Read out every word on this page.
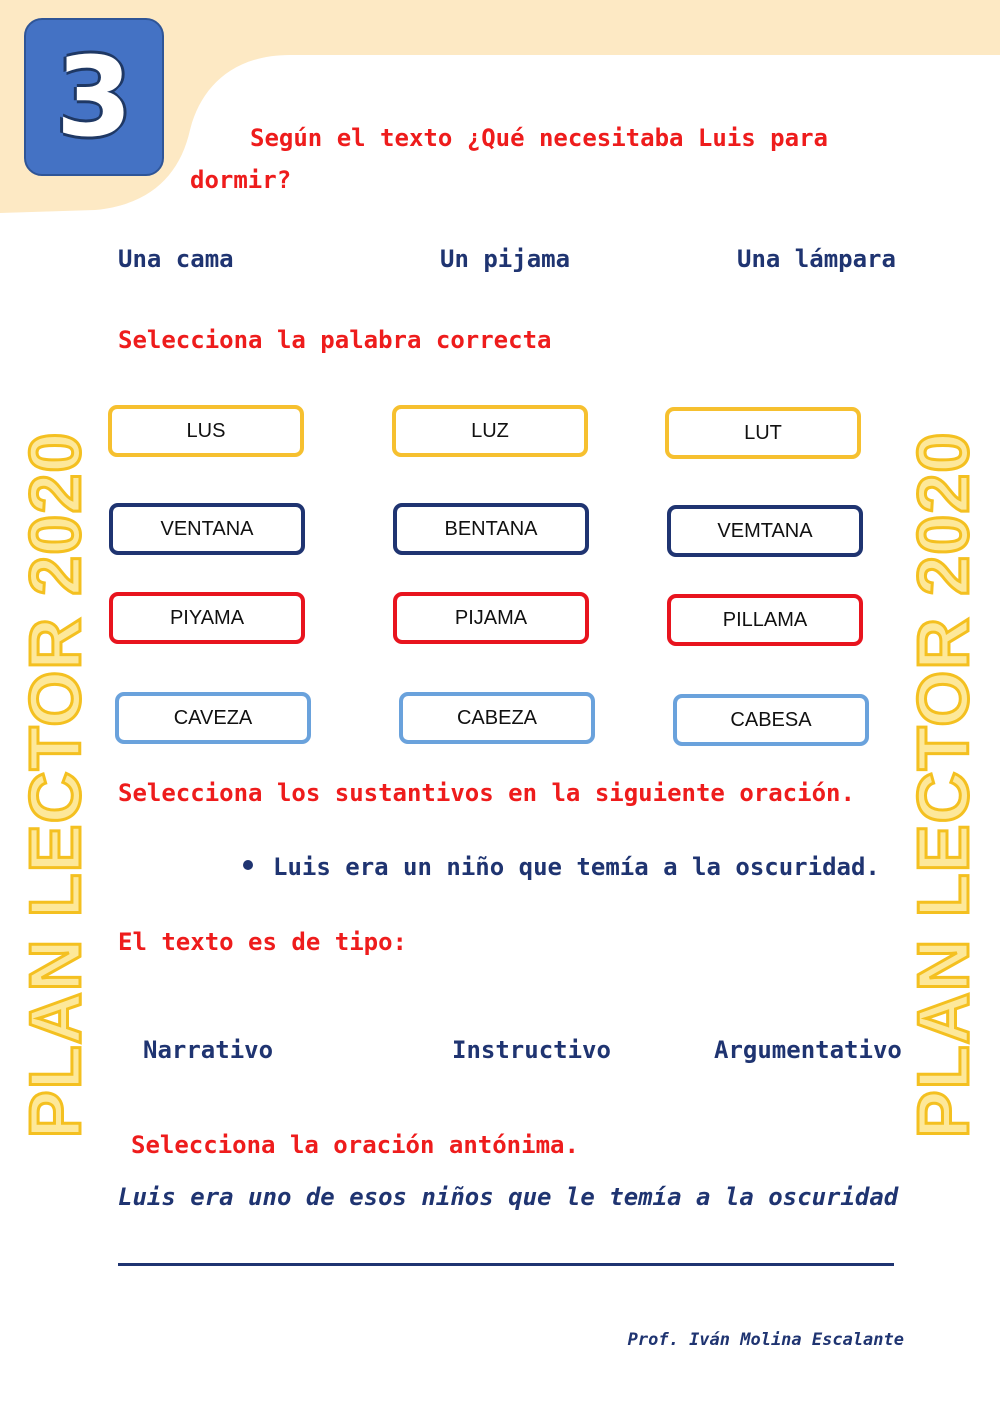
3	Según el texto ¿Qué necesitaba Luis para
dormir?
Una cama	Un pijama	Una lámpara
Selecciona la palabra correcta
LUS	LUZ	LUT
VENTANA	BENTANA	VEMTANA
PIYAMA	PIJAMA	PILLAMA
CAVEZA	CABEZA	CABESA
PLAN LECTOR 2020	PLAN LECTOR 2020
Selecciona los sustantivos en la siguiente oración.
Luis era un niño que temía a la oscuridad.
El texto es de tipo:
Narrativo	Instructivo	Argumentativo
Selecciona la oración antónima.
Luis era uno de esos niños que le temía a la oscuridad
Prof. Iván Molina Escalante
